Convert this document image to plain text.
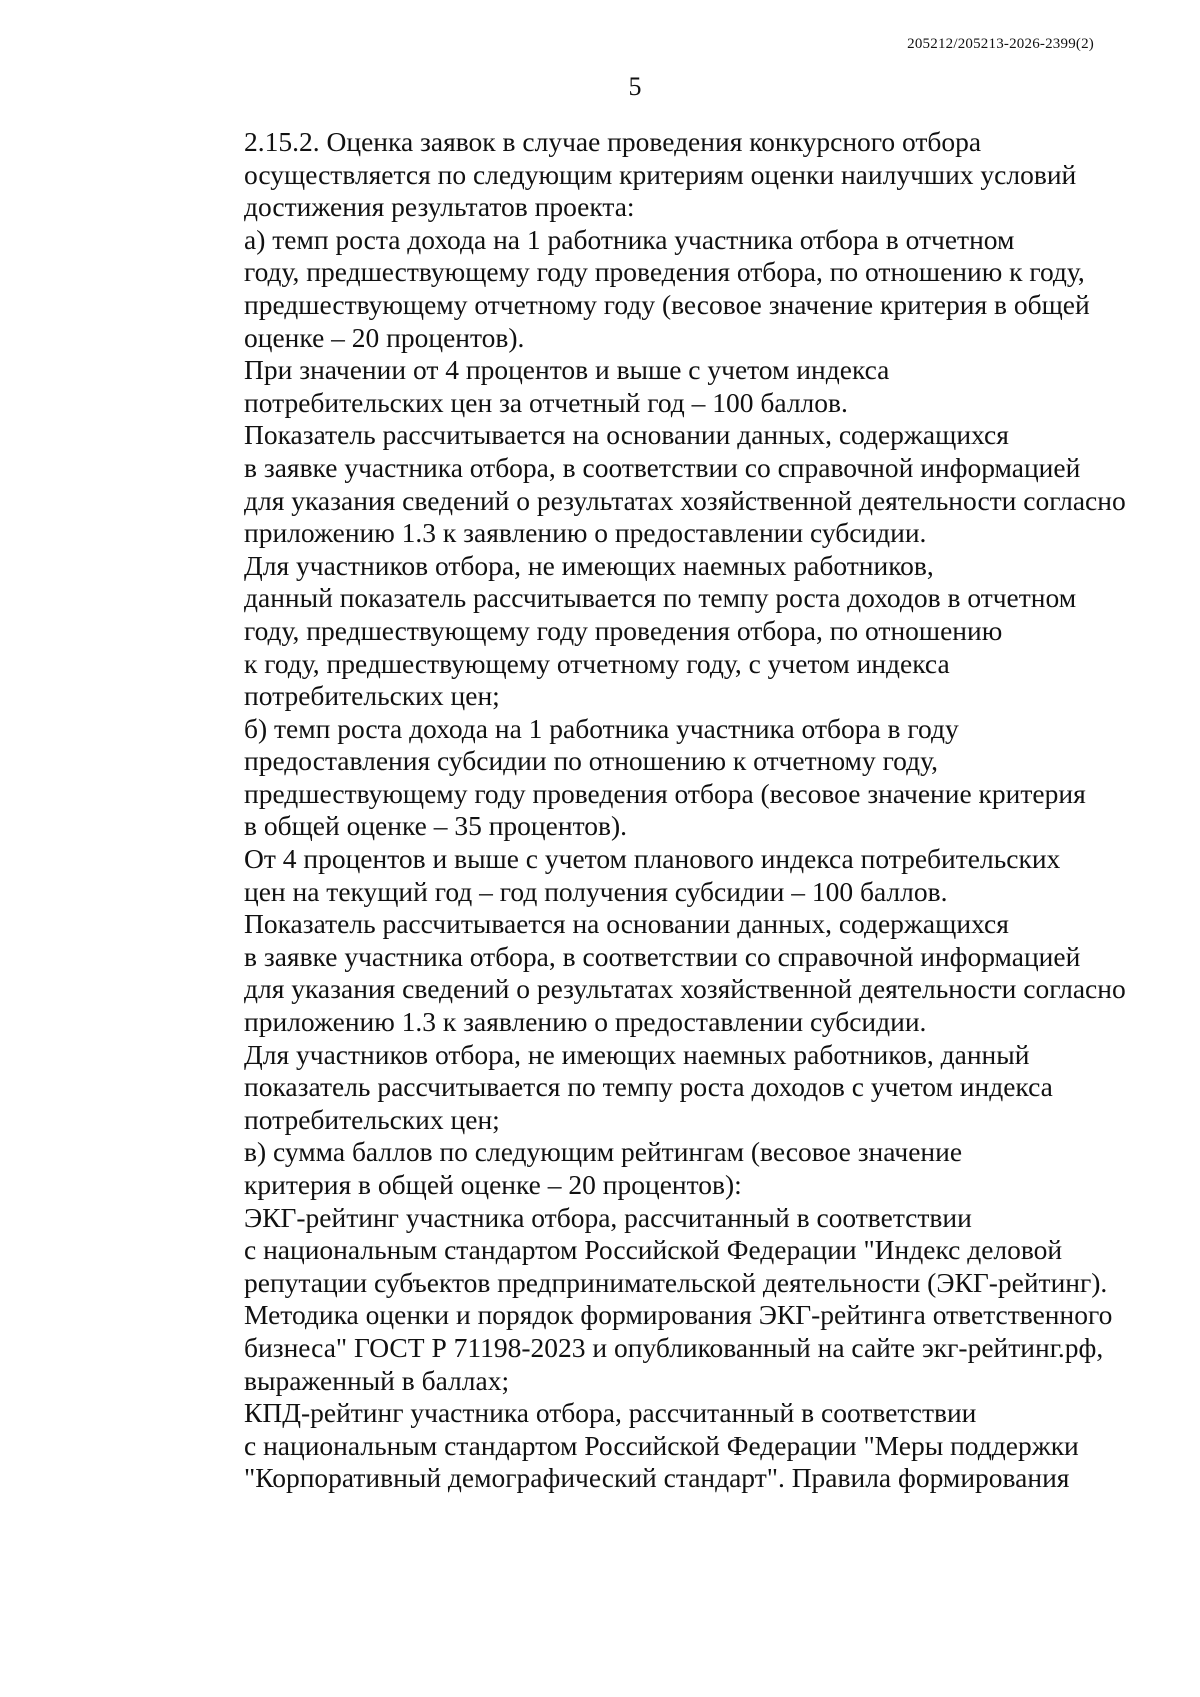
205212/205213-2026-2399(2)
5
2.15.2. Оценка заявок в случае проведения конкурсного отбора
осуществляется по следующим критериям оценки наилучших условий
достижения результатов проекта:
а) темп роста дохода на 1 работника участника отбора в отчетном
году, предшествующему году проведения отбора, по отношению к году,
предшествующему отчетному году (весовое значение критерия в общей
оценке – 20 процентов).
При значении от 4 процентов и выше с учетом индекса
потребительских цен за отчетный год – 100 баллов.
Показатель рассчитывается на основании данных, содержащихся
в заявке участника отбора, в соответствии со справочной информацией
для указания сведений о результатах хозяйственной деятельности согласно
приложению 1.3 к заявлению о предоставлении субсидии.
Для участников отбора, не имеющих наемных работников,
данный показатель рассчитывается по темпу роста доходов в отчетном
году, предшествующему году проведения отбора, по отношению
к году, предшествующему отчетному году, с учетом индекса
потребительских цен;
б) темп роста дохода на 1 работника участника отбора в году
предоставления субсидии по отношению к отчетному году,
предшествующему году проведения отбора (весовое значение критерия
в общей оценке – 35 процентов).
От 4 процентов и выше с учетом планового индекса потребительских
цен на текущий год – год получения субсидии – 100 баллов.
Показатель рассчитывается на основании данных, содержащихся
в заявке участника отбора, в соответствии со справочной информацией
для указания сведений о результатах хозяйственной деятельности согласно
приложению 1.3 к заявлению о предоставлении субсидии.
Для участников отбора, не имеющих наемных работников, данный
показатель рассчитывается по темпу роста доходов с учетом индекса
потребительских цен;
в) сумма баллов по следующим рейтингам (весовое значение
критерия в общей оценке – 20 процентов):
ЭКГ-рейтинг участника отбора, рассчитанный в соответствии
с национальным стандартом Российской Федерации "Индекс деловой
репутации субъектов предпринимательской деятельности (ЭКГ-рейтинг).
Методика оценки и порядок формирования ЭКГ-рейтинга ответственного
бизнеса" ГОСТ Р 71198-2023 и опубликованный на сайте экг-рейтинг.рф,
выраженный в баллах;
КПД-рейтинг участника отбора, рассчитанный в соответствии
с национальным стандартом Российской Федерации "Меры поддержки
"Корпоративный демографический стандарт". Правила формирования
